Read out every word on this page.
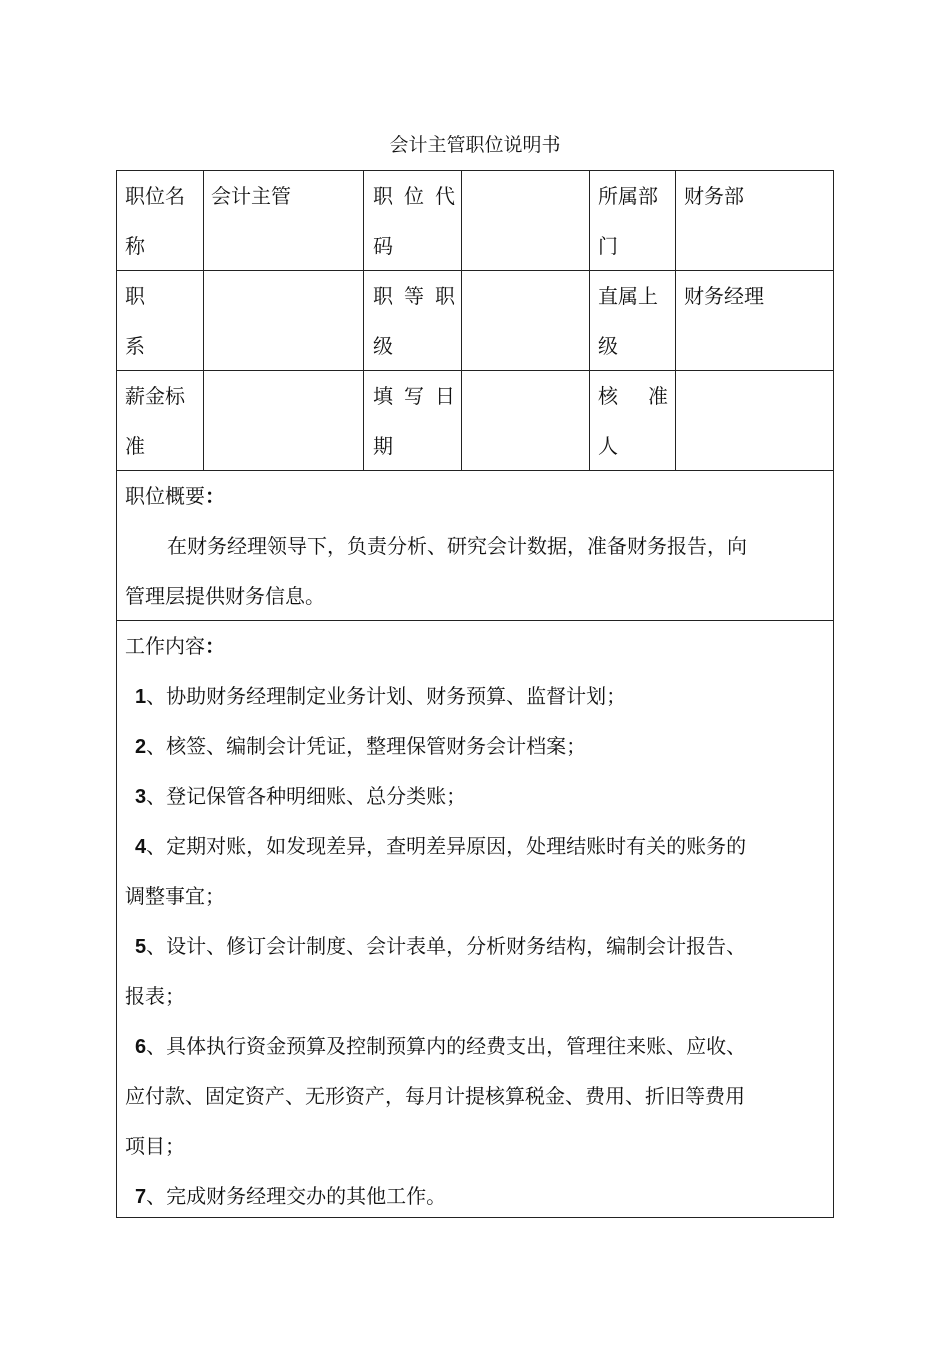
会计主管职位说明书
职位名
称
会计主管	职位代
码
所属部
门
财务部
职
系
职等职
级
直属上
级
财务经理
薪金标
准
填写日
期
核准
人
职位概要：
在财务经理领导下，负责分析、研究会计数据，准备财务报告，向
管理层提供财务信息。
工作内容：
1、协助财务经理制定业务计划、财务预算、监督计划；
2、核签、编制会计凭证，整理保管财务会计档案；
3、登记保管各种明细账、总分类账；
4、定期对账，如发现差异，查明差异原因，处理结账时有关的账务的
调整事宜；
5、设计、修订会计制度、会计表单，分析财务结构，编制会计报告、
报表；
6、具体执行资金预算及控制预算内的经费支出，管理往来账、应收、
应付款、固定资产、无形资产，每月计提核算税金、费用、折旧等费用
项目；
7、完成财务经理交办的其他工作。
